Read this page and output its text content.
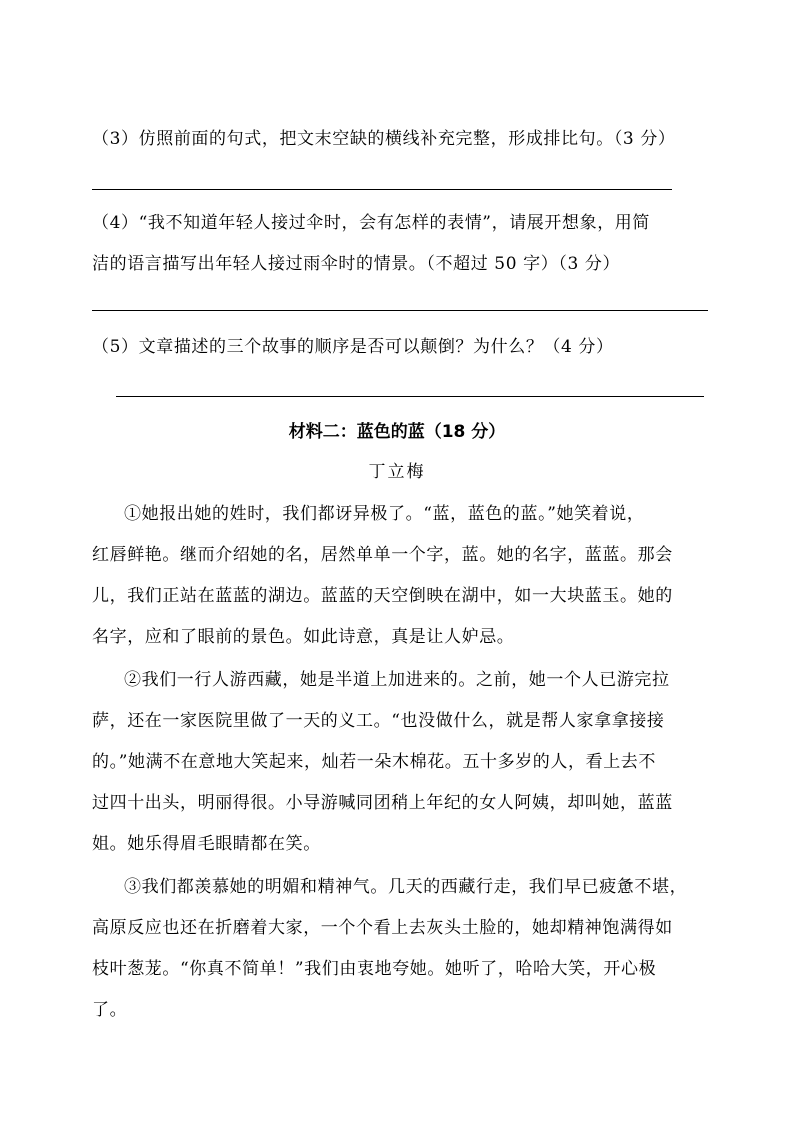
（3）仿照前面的句式，把文末空缺的横线补充完整，形成排比句。（3 分）
（4）“我不知道年轻人接过伞时，会有怎样的表情”，请展开想象，用简
洁的语言描写出年轻人接过雨伞时的情景。（不超过 50 字）（3 分）
（5）文章描述的三个故事的顺序是否可以颠倒？为什么？（4 分）
材料二：蓝色的蓝（18 分）
丁立梅
①她报出她的姓时，我们都讶异极了。“蓝，蓝色的蓝。”她笑着说，
红唇鲜艳。继而介绍她的名，居然单单一个字，蓝。她的名字，蓝蓝。那会
儿，我们正站在蓝蓝的湖边。蓝蓝的天空倒映在湖中，如一大块蓝玉。她的
名字，应和了眼前的景色。如此诗意，真是让人妒忌。
②我们一行人游西藏，她是半道上加进来的。之前，她一个人已游完拉
萨，还在一家医院里做了一天的义工。“也没做什么，就是帮人家拿拿接接
的。”她满不在意地大笑起来，灿若一朵木棉花。五十多岁的人，看上去不
过四十出头，明丽得很。小导游喊同团稍上年纪的女人阿姨，却叫她，蓝蓝
姐。她乐得眉毛眼睛都在笑。
③我们都羡慕她的明媚和精神气。几天的西藏行走，我们早已疲惫不堪，
高原反应也还在折磨着大家，一个个看上去灰头土脸的，她却精神饱满得如
枝叶葱茏。“你真不简单！”我们由衷地夸她。她听了，哈哈大笑，开心极
了。
